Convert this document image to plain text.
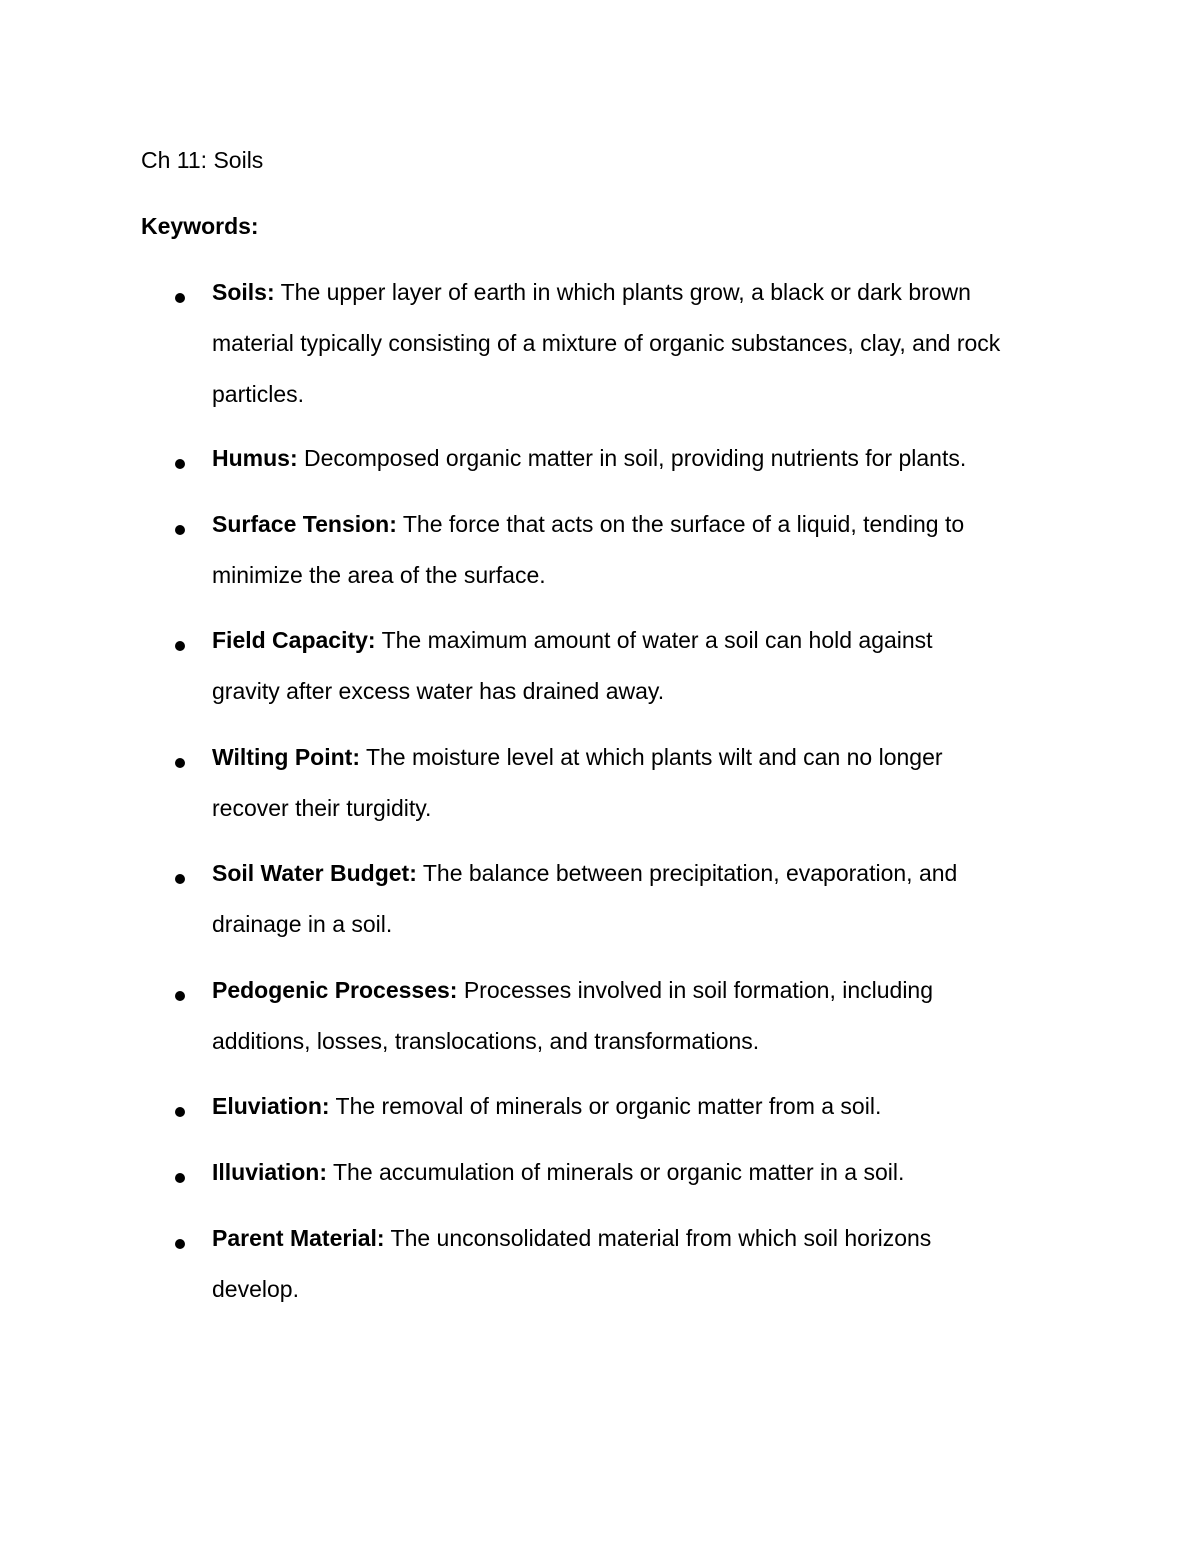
Ch 11: Soils
Keywords:
Soils: The upper layer of earth in which plants grow, a black or dark brown material typically consisting of a mixture of organic substances, clay, and rock particles.
Humus: Decomposed organic matter in soil, providing nutrients for plants.
Surface Tension: The force that acts on the surface of a liquid, tending to minimize the area of the surface.
Field Capacity: The maximum amount of water a soil can hold against gravity after excess water has drained away.
Wilting Point: The moisture level at which plants wilt and can no longer recover their turgidity.
Soil Water Budget: The balance between precipitation, evaporation, and drainage in a soil.
Pedogenic Processes: Processes involved in soil formation, including additions, losses, translocations, and transformations.
Eluviation: The removal of minerals or organic matter from a soil.
Illuviation: The accumulation of minerals or organic matter in a soil.
Parent Material: The unconsolidated material from which soil horizons develop.
